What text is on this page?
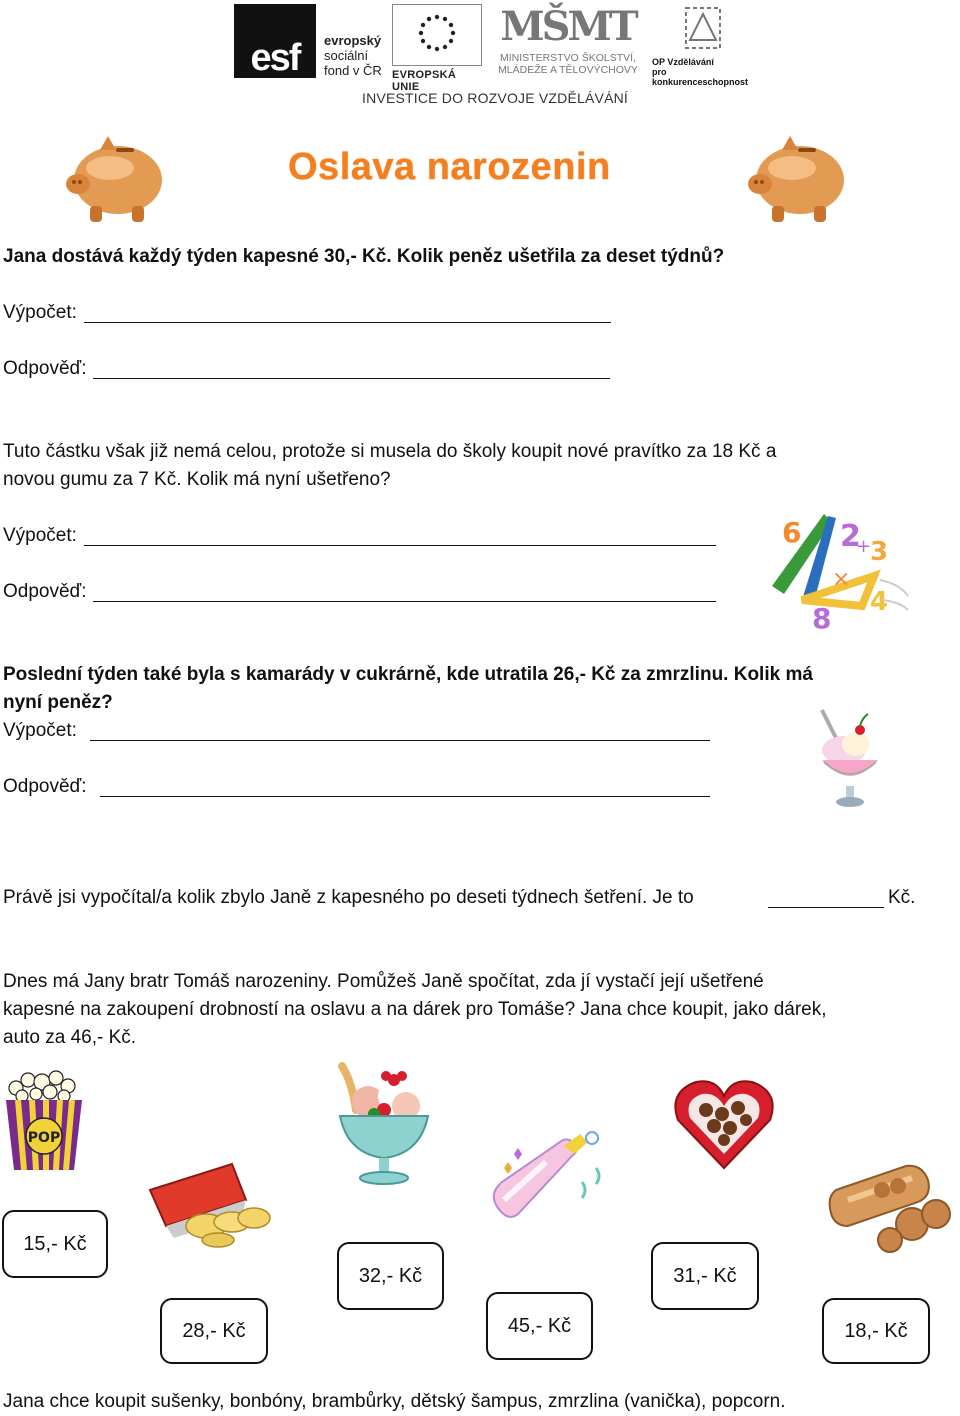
esf	evropský
sociální
fond v ČR EVROPSKÁ UNIE
MŠMT
MINISTERSTVO ŠKOLSTVÍ,
MLÁDEŽE A TĚLOVÝCHOVY
OP Vzdělávání
pro konkurenceschopnost
INVESTICE DO ROZVOJE VZDĚLÁVÁNÍ
Oslava narozenin
Jana dostává každý týden kapesné 30,- Kč. Kolik peněz ušetřila za deset týdnů?
Výpočet:
Odpověď:
Tuto částku však již nemá celou, protože si musela do školy koupit nové pravítko za 18 Kč a
novou gumu za 7 Kč. Kolik má nyní ušetřeno?
Výpočet:
Odpověď:
6 2 3
+
×
8 4
Poslední týden také byla s kamarády v cukrárně, kde utratila 26,- Kč za zmrzlinu. Kolik má
nyní peněz?
Výpočet:
Odpověď:
Právě jsi vypočítal/a kolik zbylo Janě z kapesného po deseti týdnech šetření. Je to	Kč.
Dnes má Jany bratr Tomáš narozeniny. Pomůžeš Janě spočítat, zda jí vystačí její ušetřené
kapesné na zakoupení drobností na oslavu a na dárek pro Tomáše? Jana chce koupit, jako dárek,
auto za 46,- Kč.
POP
15,- Kč
28,- Kč
32,- Kč
45,- Kč
31,- Kč
18,- Kč
Jana chce koupit sušenky, bonbóny, brambůrky, dětský šampus, zmrzlina (vanička), popcorn.
